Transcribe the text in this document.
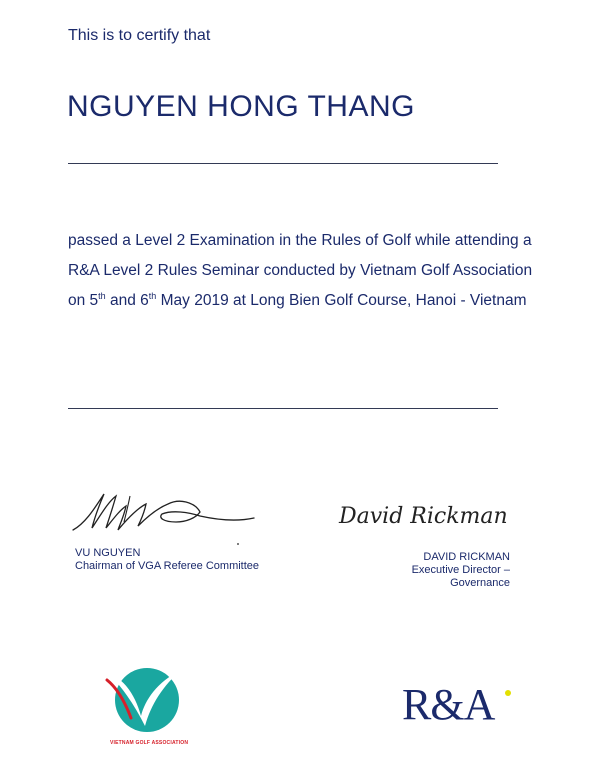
This is to certify that
NGUYEN HONG THANG
passed a Level 2 Examination in the Rules of Golf while attending a R&A Level 2 Rules Seminar conducted by Vietnam Golf Association on 5th and 6th May 2019 at Long Bien Golf Course, Hanoi - Vietnam
David Rickman
VU NGUYEN
Chairman of VGA Referee Committee
DAVID RICKMAN
Executive Director – Governance
VIETNAM GOLF ASSOCIATION
R&A
